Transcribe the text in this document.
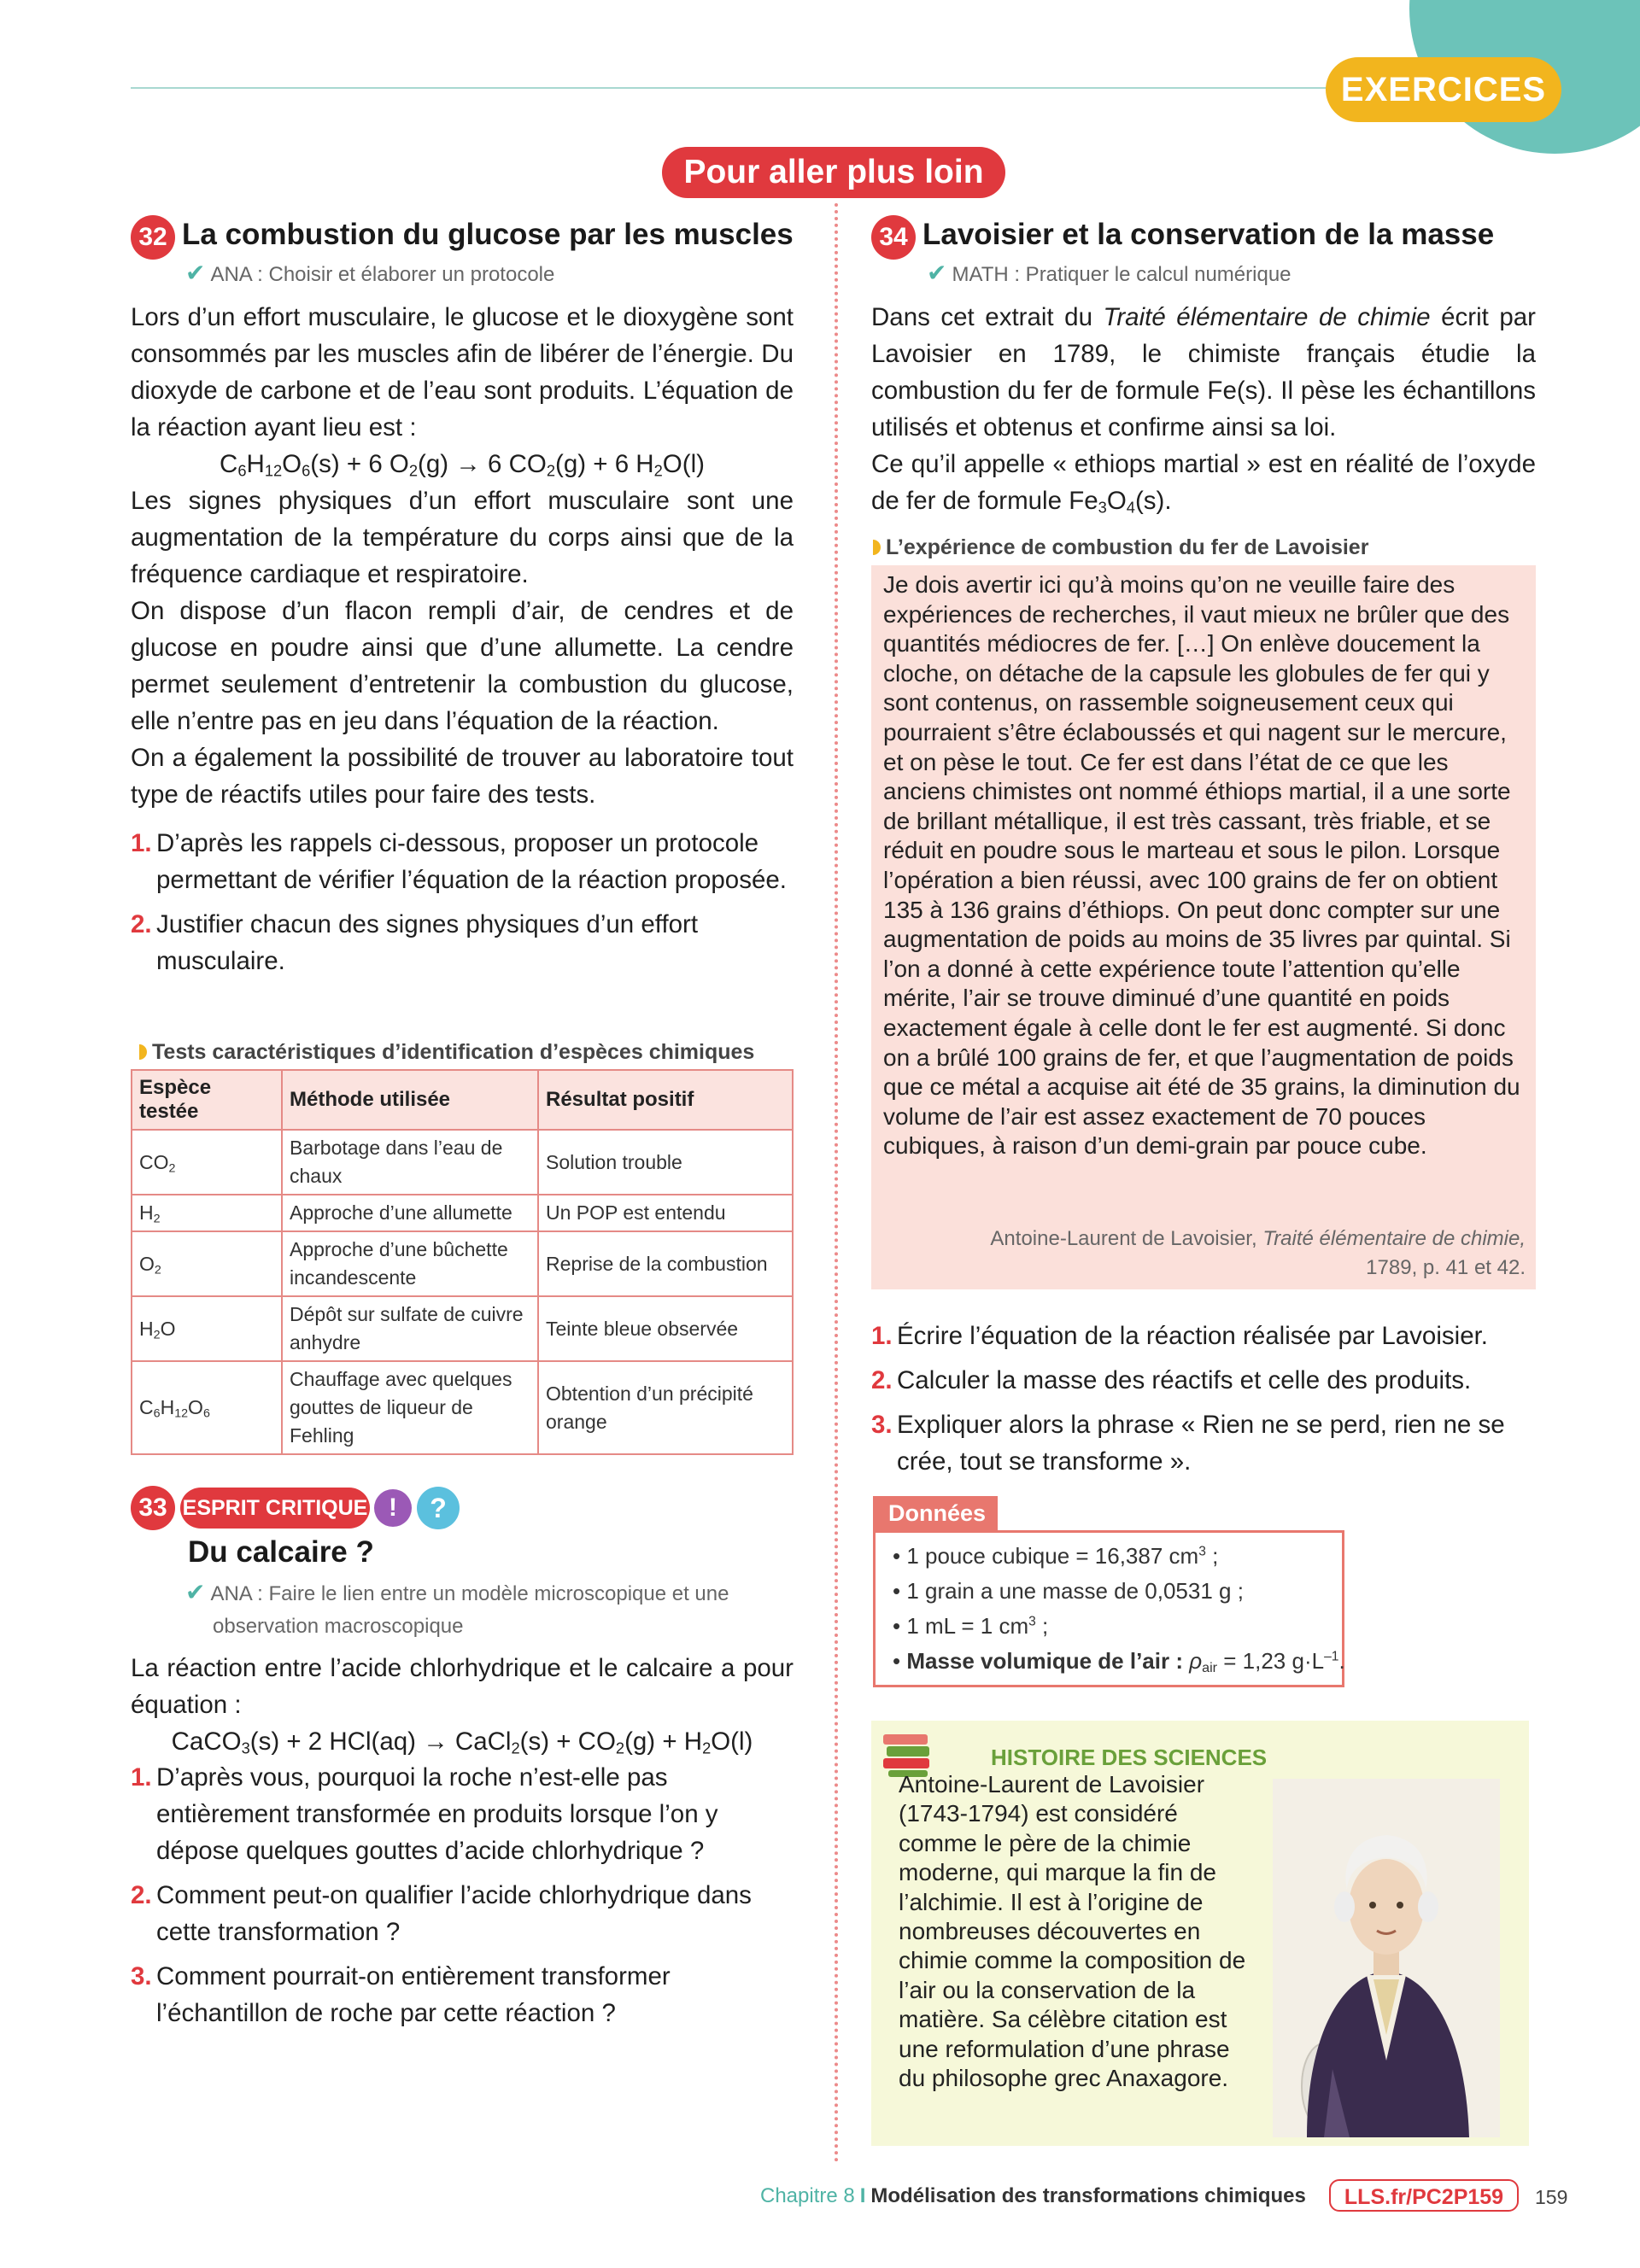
EXERCICES
Pour aller plus loin
32 La combustion du glucose par les muscles
✔ ANA : Choisir et élaborer un protocole

Lors d’un effort musculaire, le glucose et le dioxygène sont consommés par les muscles afin de libérer de l’énergie. Du dioxyde de carbone et de l’eau sont produits. L’équation de la réaction ayant lieu est :

$C_6H_{12}O_6(s) + 6$ $O_2(g) \to 6$ $CO_2(g) + 6$ $H_2O(l)$

Les signes physiques d’un effort musculaire sont une augmentation de la température du corps ainsi que de la fréquence cardiaque et respiratoire.

On dispose d’un flacon rempli d’air, de cendres et de glucose en poudre ainsi que d’une allumette. La cendre permet seulement d’entretenir la combustion du glucose, elle n’entre pas en jeu dans l’équation de la réaction.

On a également la possibilité de trouver au laboratoire tout type de réactifs utiles pour faire des tests.

1. D’après les rappels ci-dessous, proposer un protocole permettant de vérifier l’équation de la réaction proposée.
2. Justifier chacun des signes physiques d’un effort musculaire.
Tests caractéristiques d’identification d’espèces chimiques
Espèce testée	Méthode utilisée	Résultat positif
$CO_2$	Barbotage dans l’eau de chaux	Solution trouble
$H_2$	Approche d’une allumette	Un POP est entendu
$O_2$	Approche d’une bûchette incandescente	Reprise de la combustion
$H_2O$	Dépôt sur sulfate de cuivre anhydre	Teinte bleue observée
$C_6H_{12}O_6$	Chauffage avec quelques gouttes de liqueur de Fehling	Obtention d’un précipité orange
33 ESPRIT CRITIQUE !	?
Du calcaire ?
✔ ANA : Faire le lien entre un modèle microscopique et une
observation macroscopique

La réaction entre l’acide chlorhydrique et le calcaire a pour équation :

CaCO$_3$(s) + 2 HCl(aq) → CaCl$_2$(s) + $CO_2(g) + H_2O(l)$

1. D’après vous, pourquoi la roche n’est-elle pas entièrement transformée en produits lorsque l’on y dépose quelques gouttes d’acide chlorhydrique ?
2. Comment peut-on qualifier l’acide chlorhydrique dans cette transformation ?
3. Comment pourrait-on entièrement transformer l’échantillon de roche par cette réaction ?
34 Lavoisier et la conservation de la masse
✔ MATH : Pratiquer le calcul numérique

Dans cet extrait du Traité élémentaire de chimie écrit par Lavoisier en 1789, le chimiste français étudie la combustion du fer de formule Fe(s). Il pèse les échantillons utilisés et obtenus et confirme ainsi sa loi.

Ce qu’il appelle « ethiops martial » est en réalité de l’oxyde de fer de formule $Fe_3O_4(s)$.

L’expérience de combustion du fer de Lavoisier
Je dois avertir ici qu’à moins qu’on ne veuille faire des expériences de recherches, il vaut mieux ne brûler que des quantités médiocres de fer. […] On enlève doucement la cloche, on détache de la capsule les globules de fer qui y sont contenus, on rassemble soigneusement ceux qui pourraient s’être éclaboussés et qui nagent sur le mercure, et on pèse le tout. Ce fer est dans l’état de ce que les anciens chimistes ont nommé éthiops martial, il a une sorte de brillant métallique, il est très cassant, très friable, et se réduit en poudre sous le marteau et sous le pilon. Lorsque l’opération a bien réussi, avec 100 grains de fer on obtient 135 à 136 grains d’éthiops. On peut donc compter sur une augmentation de poids au moins de 35 livres par quintal. Si l’on a donné à cette expérience toute l’attention qu’elle mérite, l’air se trouve diminué d’une quantité en poids exactement égale à celle dont le fer est augmenté. Si donc on a brûlé 100 grains de fer, et que l’augmentation de poids que ce métal a acquise ait été de 35 grains, la diminution du volume de l’air est assez exactement de 70 pouces cubiques, à raison d’un demi-grain par pouce cube.
Antoine-Laurent de Lavoisier, Traité élémentaire de chimie,
1789, p. 41 et 42.
1. Écrire l’équation de la réaction réalisée par Lavoisier.
2. Calculer la masse des réactifs et celle des produits.
3. Expliquer alors la phrase « Rien ne se perd, rien ne se crée, tout se transforme ».
Données
• 1 pouce cubique = 16,387 $cm^3$ ;
• 1 grain a une masse de 0,0531 g ;
• 1 mL = 1 $cm^3$ ;
• Masse volumique de l’air : $\rho_{air} = 1,23$ $g\cdot L^{-1}$.
HISTOIRE DES SCIENCES
Antoine-Laurent de Lavoisier (1743-1794) est considéré comme le père de la chimie moderne, qui marque la fin de l’alchimie. Il est à l’origine de nombreuses découvertes en chimie comme la composition de l’air ou la conservation de la matière. Sa célèbre citation est une reformulation d’une phrase du philosophe grec Anaxagore.
Chapitre 8 I Modélisation des transformations chimiques	LLS.fr/PC2P159	159
